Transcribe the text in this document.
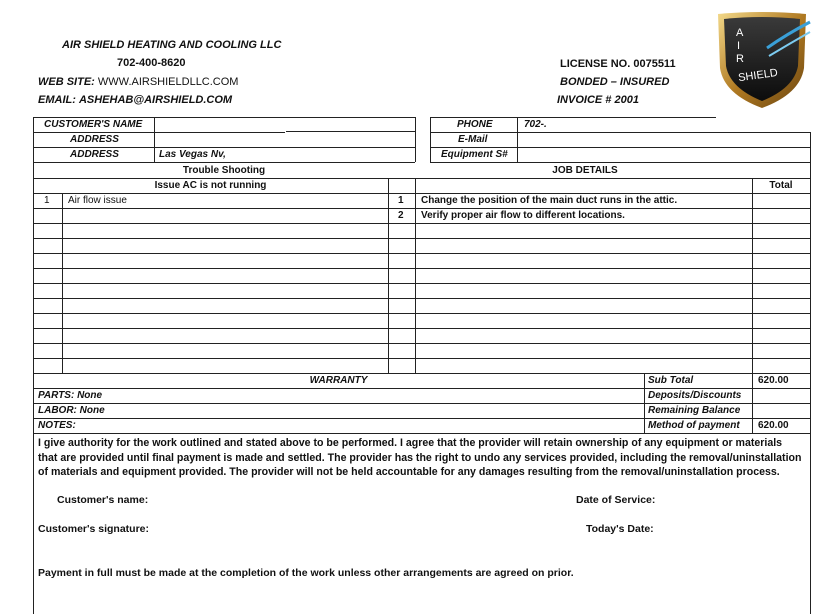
AIR SHIELD HEATING AND COOLING LLC
702-400-8620
WEB SITE: WWW.AIRSHIELDLLC.COM
EMAIL: ASHEHAB@AIRSHIELD.COM
LICENSE NO. 0075511
BONDED – INSURED
INVOICE # 2001
A
I
R
SHIELD
CUSTOMER'S NAME
ADDRESS
ADDRESS	Las Vegas Nv,
PHONE	702-.
E-Mail
Equipment S#
Trouble Shooting
Issue AC is not running
JOB DETAILS
Total
1 Air flow issue	1 Change the position of the main duct runs in the attic.
2 Verify proper air flow to different locations.
WARRANTY
PARTS: None
LABOR: None
NOTES:
Sub Total	620.00
Deposits/Discounts
Remaining Balance
Method of payment 620.00
I give authority for the work outlined and stated above to be performed. I agree that the provider will retain ownership of any equipment or materials that are provided until final payment is made and settled. The provider has the right to undo any services provided, including the removal/uninstallation of materials and equipment provided. The provider will not be held accountable for any damages resulting from the removal/uninstallation process.
Customer's name:	Date of Service:
Customer's signature:	Today's Date:
Payment in full must be made at the completion of the work unless other arrangements are agreed on prior.
